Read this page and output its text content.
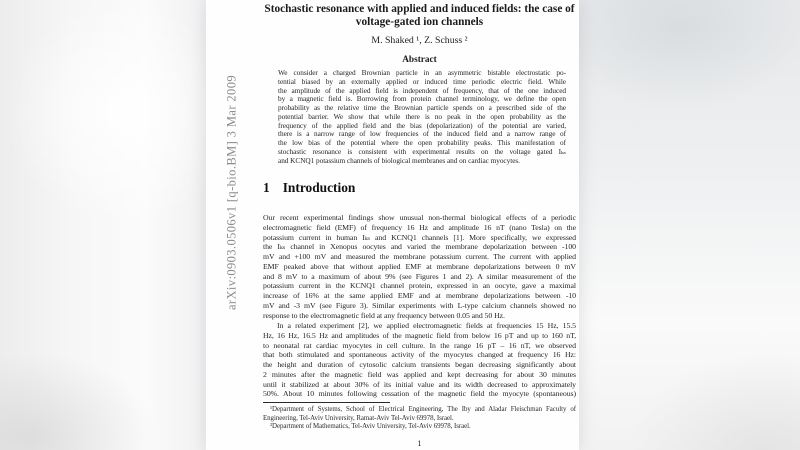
Stochastic resonance with applied and induced fields: the case of
voltage-gated ion channels
M. Shaked ¹, Z. Schuss ²
Abstract
We consider a charged Brownian particle in an asymmetric bistable electrostatic po-
tential biased by an externally applied or induced time periodic electric field. While
the amplitude of the applied field is independent of frequency, that of the one induced
by a magnetic field is. Borrowing from protein channel terminology, we define the open
probability as the relative time the Brownian particle spends on a prescribed side of the
potential barrier. We show that while there is no peak in the open probability as the
frequency of the applied field and the bias (depolarization) of the potential are varied,
there is a narrow range of low frequencies of the induced field and a narrow range of
the low bias of the potential where the open probability peaks. This manifestation of
stochastic resonance is consistent with experimental results on the voltage gated Iₖₛ
and KCNQ1 potassium channels of biological membranes and on cardiac myocytes.
1 Introduction
Our recent experimental findings show unusual non-thermal biological effects of a periodic
electromagnetic field (EMF) of frequency 16 Hz and amplitude 16 nT (nano Tesla) on the
potassium current in human Iₖₛ and KCNQ1 channels [1]. More specifically, we expressed
the Iₖₛ channel in Xenopus oocytes and varied the membrane depolarization between -100
mV and +100 mV and measured the membrane potassium current. The current with applied
EMF peaked above that without applied EMF at membrane depolarizations between 0 mV
and 8 mV to a maximum of about 9% (see Figures 1 and 2). A similar measurement of the
potassium current in the KCNQ1 channel protein, expressed in an oocyte, gave a maximal
increase of 16% at the same applied EMF and at membrane depolarizations between -10
mV and -3 mV (see Figure 3). Similar experiments with L-type calcium channels showed no
response to the electromagnetic field at any frequency between 0.05 and 50 Hz.
In a related experiment [2], we applied electromagnetic fields at frequencies 15 Hz, 15.5
Hz, 16 Hz, 16.5 Hz and amplitudes of the magnetic field from below 16 pT and up to 160 nT,
to neonatal rat cardiac myocytes in cell culture. In the range 16 pT – 16 nT, we observed
that both stimulated and spontaneous activity of the myocytes changed at frequency 16 Hz:
the height and duration of cytosolic calcium transients began decreasing significantly about
2 minutes after the magnetic field was applied and kept decreasing for about 30 minutes
until it stabilized at about 30% of its initial value and its width decreased to approximately
50%. About 10 minutes following cessation of the magnetic field the myocyte (spontaneous)
¹Department of Systems, School of Electrical Engineering, The Iby and Aladar Fleischman Faculty of
Engineering, Tel-Aviv University, Ramat-Aviv Tel-Aviv 69978, Israel.
²Department of Mathematics, Tel-Aviv University, Tel-Aviv 69978, Israel.
1
arXiv:0903.0506v1 [q-bio.BM] 3 Mar 2009
